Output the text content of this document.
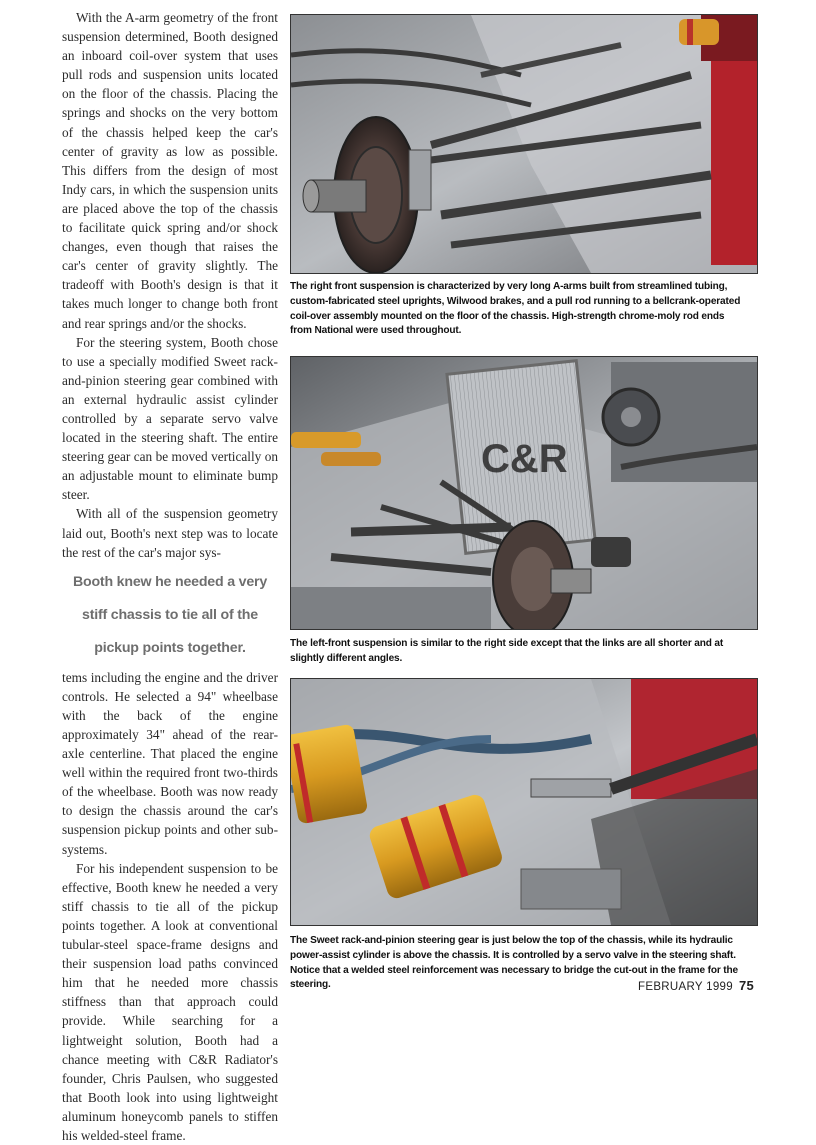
With the A-arm geometry of the front suspension determined, Booth designed an inboard coil-over system that uses pull rods and suspension units located on the floor of the chassis. Placing the springs and shocks on the very bottom of the chassis helped keep the car's center of gravity as low as possible. This differs from the design of most Indy cars, in which the suspension units are placed above the top of the chassis to facilitate quick spring and/or shock changes, even though that raises the car's center of gravity slightly. The tradeoff with Booth's design is that it takes much longer to change both front and rear springs and/or the shocks.

For the steering system, Booth chose to use a specially modified Sweet rack-and-pinion steering gear combined with an external hydraulic assist cylinder controlled by a separate servo valve located in the steering shaft. The entire steering gear can be moved vertically on an adjustable mount to eliminate bump steer.

With all of the suspension geometry laid out, Booth's next step was to locate the rest of the car's major sys-

Booth knew he needed a very
stiff chassis to tie all of the
pickup points together.

tems including the engine and the driver controls. He selected a 94" wheelbase with the back of the engine approximately 34" ahead of the rear-axle centerline. That placed the engine well within the required front two-thirds of the wheelbase. Booth was now ready to design the chassis around the car's suspension pickup points and other sub-systems.

For his independent suspension to be effective, Booth knew he needed a very stiff chassis to tie all of the pickup points together. A look at conventional tubular-steel space-frame designs and their suspension load paths convinced him that he needed more chassis stiffness than that approach could provide. While searching for a lightweight solution, Booth had a chance meeting with C&R Radiator's founder, Chris Paulsen, who suggested that Booth look into using lightweight aluminum honeycomb panels to stiffen his welded-steel frame.

The right front suspension is characterized by very long A-arms built from streamlined tubing, custom-fabricated steel uprights, Wilwood brakes, and a pull rod running to a bellcrank-operated coil-over assembly mounted on the floor of the chassis. High-strength chrome-moly rod ends from National were used throughout.

C&R

The left-front suspension is similar to the right side except that the links are all shorter and at slightly different angles.

The Sweet rack-and-pinion steering gear is just below the top of the chassis, while its hydraulic power-assist cylinder is above the chassis. It is controlled by a servo valve in the steering shaft. Notice that a welded steel reinforcement was necessary to bridge the cut-out in the frame for the steering.	FEBRUARY 1999 75
